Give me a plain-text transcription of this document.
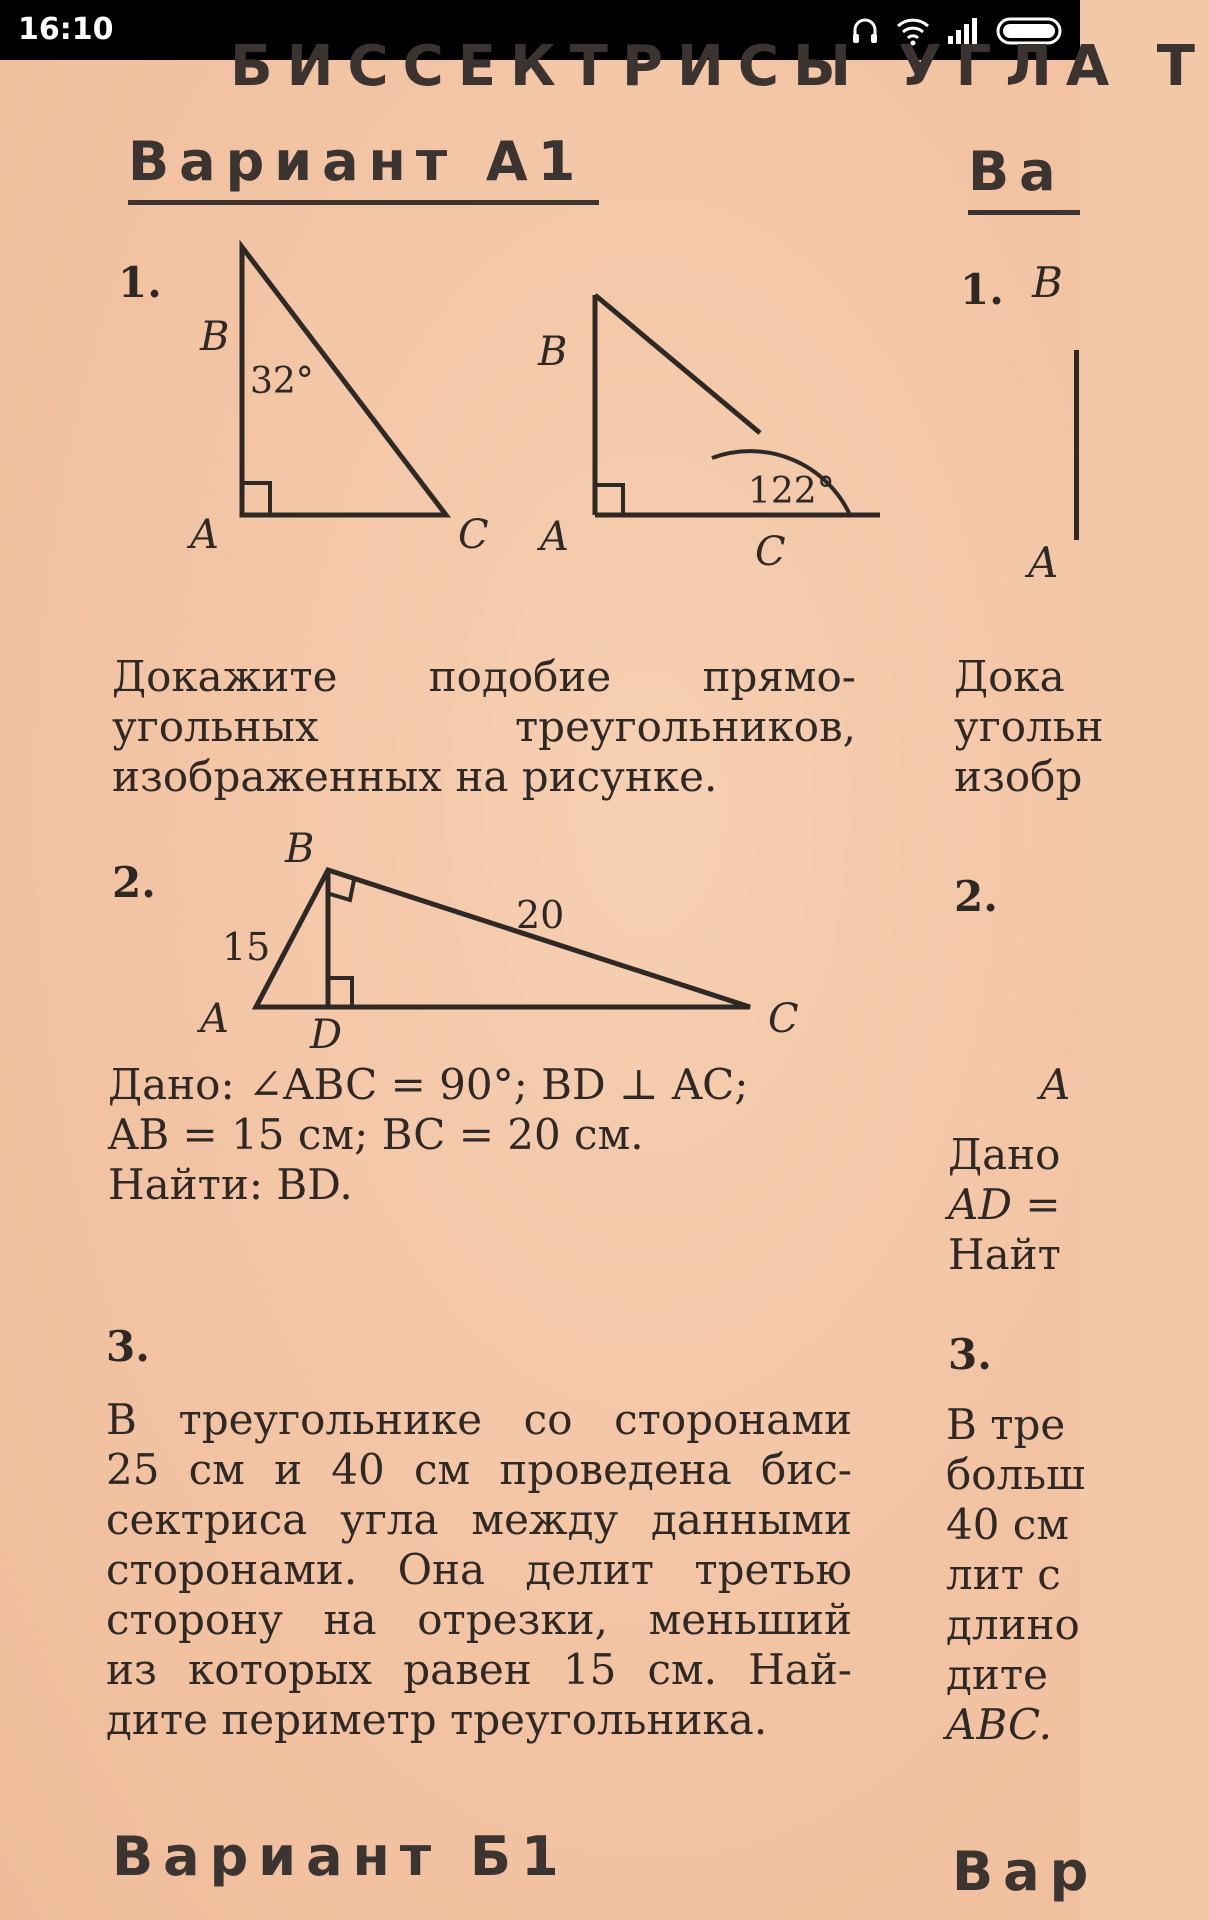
16:10
БИССЕКТРИСЫ УГЛА Т
Вариант А1
1.
B
A	C
32°
B
A	C
122°
Докажите подобие прямо-
угольных треугольников,
изображенных на рисунке.
2.
B
A D	C
15
20
Дано: ∠ABC = 90°; BD ⊥ AC;
AB = 15 см; BC = 20 см.
Найти: BD.
3.
В треугольнике со сторонами
25 см и 40 см проведена бис-
сектриса угла между данными
сторонами. Она делит третью
сторону на отрезки, меньший
из которых равен 15 см. Най-
дите периметр треугольника.
Вариант Б1
Ва
1. B
A
Дока
угольн
изобр
2.
A
Дано
AD =
Найт
3.
В тре
больш
40 см
лит с
длино
дите
ABC.
Вар
